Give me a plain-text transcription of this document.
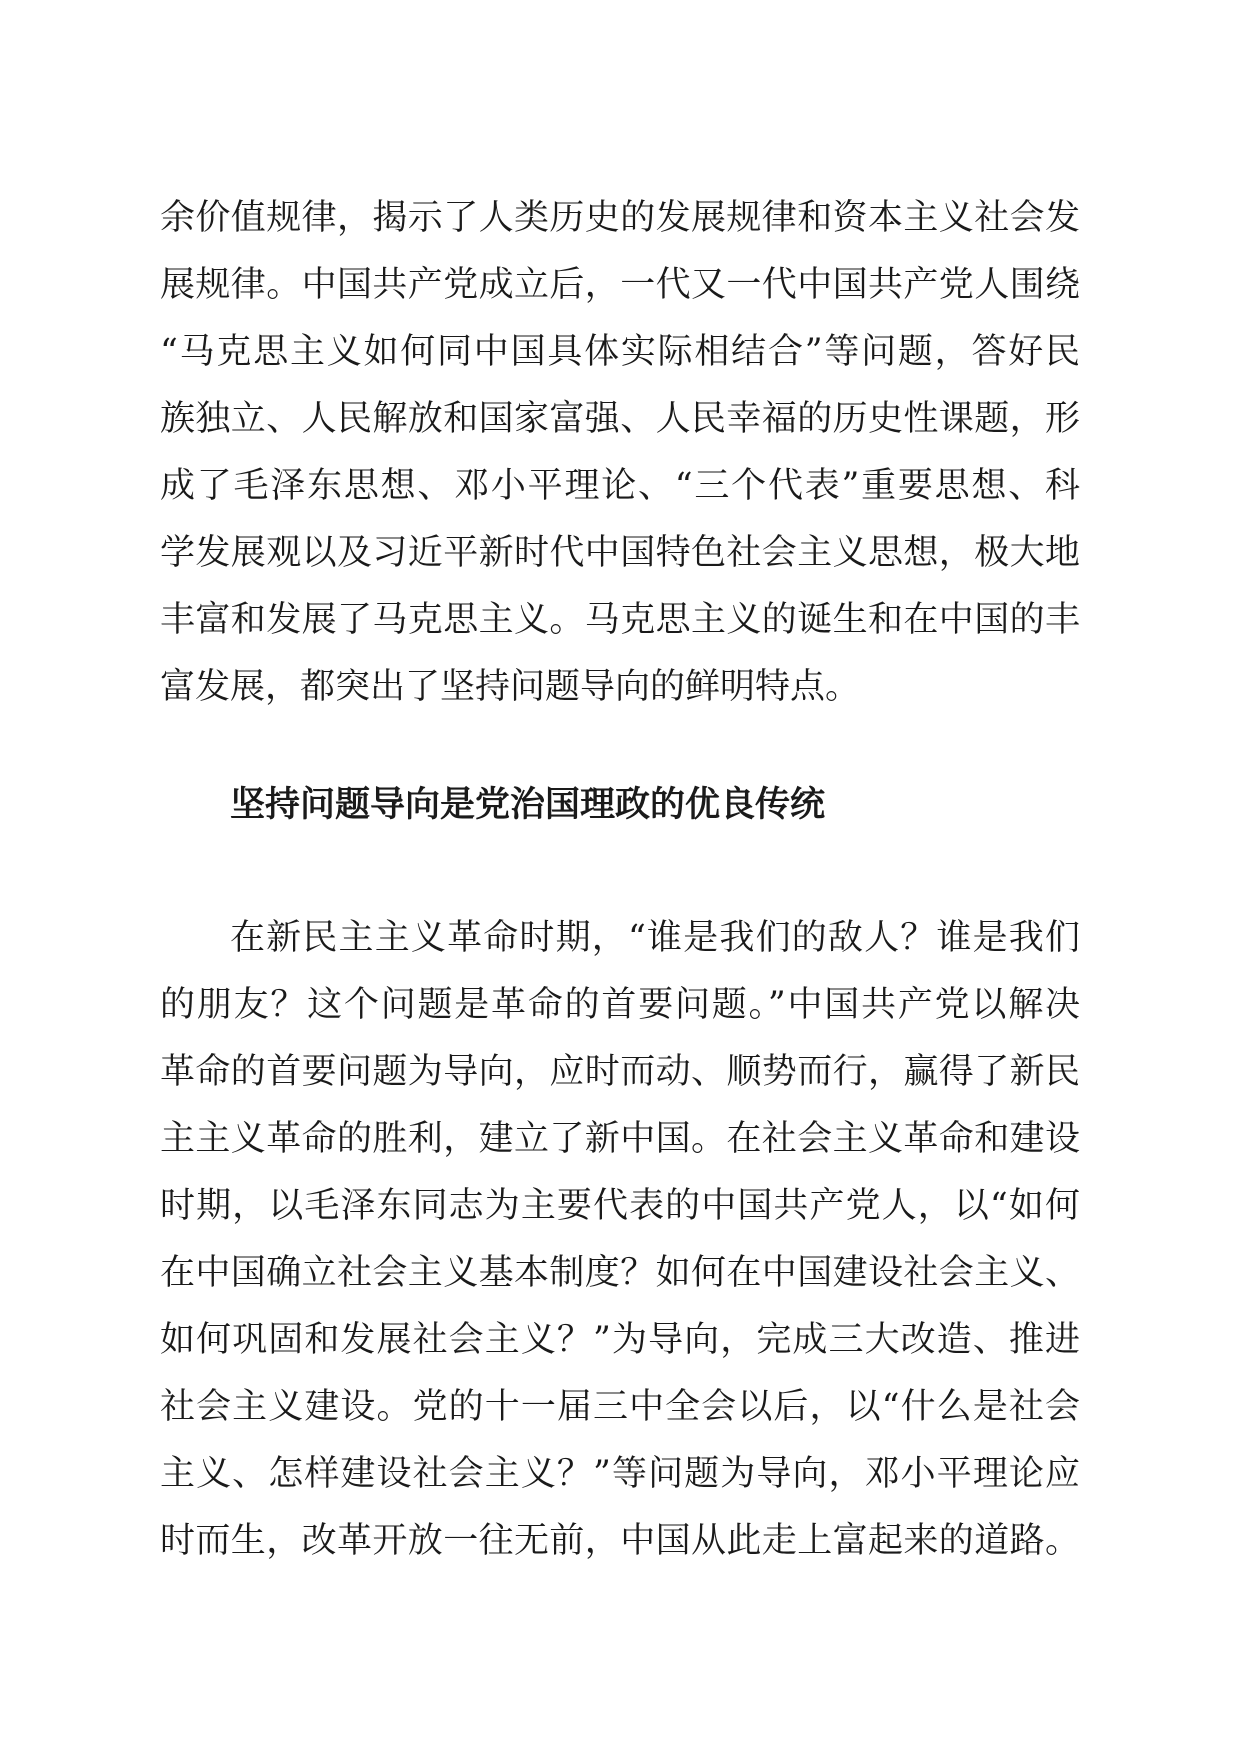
余价值规律，揭示了人类历史的发展规律和资本主义社会发
展规律。中国共产党成立后，一代又一代中国共产党人围绕
“马克思主义如何同中国具体实际相结合”等问题，答好民
族独立、人民解放和国家富强、人民幸福的历史性课题，形
成了毛泽东思想、邓小平理论、“三个代表”重要思想、科
学发展观以及习近平新时代中国特色社会主义思想，极大地
丰富和发展了马克思主义。马克思主义的诞生和在中国的丰
富发展，都突出了坚持问题导向的鲜明特点。
坚持问题导向是党治国理政的优良传统
在新民主主义革命时期，“谁是我们的敌人？谁是我们
的朋友？这个问题是革命的首要问题。”中国共产党以解决
革命的首要问题为导向，应时而动、顺势而行，赢得了新民
主主义革命的胜利，建立了新中国。在社会主义革命和建设
时期，以毛泽东同志为主要代表的中国共产党人，以“如何
在中国确立社会主义基本制度？如何在中国建设社会主义、
如何巩固和发展社会主义？”为导向，完成三大改造、推进
社会主义建设。党的十一届三中全会以后，以“什么是社会
主义、怎样建设社会主义？”等问题为导向，邓小平理论应
时而生，改革开放一往无前，中国从此走上富起来的道路。
